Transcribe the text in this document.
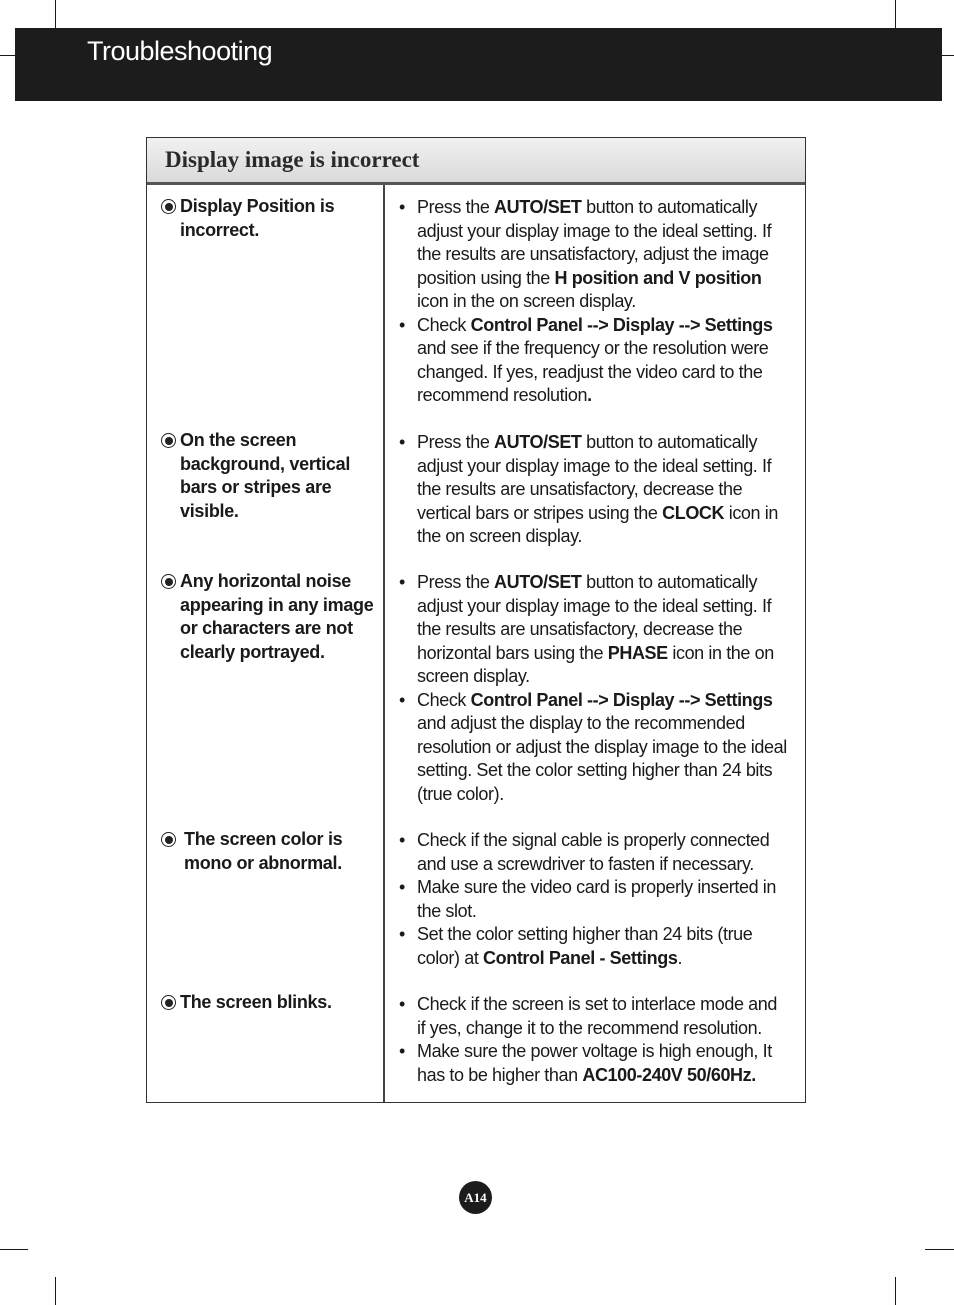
Troubleshooting
Display image is incorrect
Display Position is incorrect.
• Press the AUTO/SET button to automatically adjust your display image to the ideal setting. If the results are unsatisfactory, adjust the image position using the H position and V position icon in the on screen display.
• Check Control Panel --> Display --> Settings and see if the frequency or the resolution were changed. If yes, readjust the video card to the recommend resolution.
On the screen background, vertical bars or stripes are visible.
• Press the AUTO/SET button to automatically adjust your display image to the ideal setting. If the results are unsatisfactory, decrease the vertical bars or stripes using the CLOCK icon in the on screen display.
Any horizontal noise appearing in any image or characters are not clearly portrayed.
• Press the AUTO/SET button to automatically adjust your display image to the ideal setting. If the results are unsatisfactory, decrease the horizontal bars using the PHASE icon in the on screen display.
• Check Control Panel --> Display --> Settings and adjust the display to the recommended resolution or adjust the display image to the ideal setting. Set the color setting higher than 24 bits (true color).
The screen color is mono or abnormal.
• Check if the signal cable is properly connected and use a screwdriver to fasten if necessary.
• Make sure the video card is properly inserted in the slot.
• Set the color setting higher than 24 bits (true color) at Control Panel - Settings.
The screen blinks.	• Check if the screen is set to interlace mode and if yes, change it to the recommend resolution.
• Make sure the power voltage is high enough, It has to be higher than AC100-240V 50/60Hz.
A14
